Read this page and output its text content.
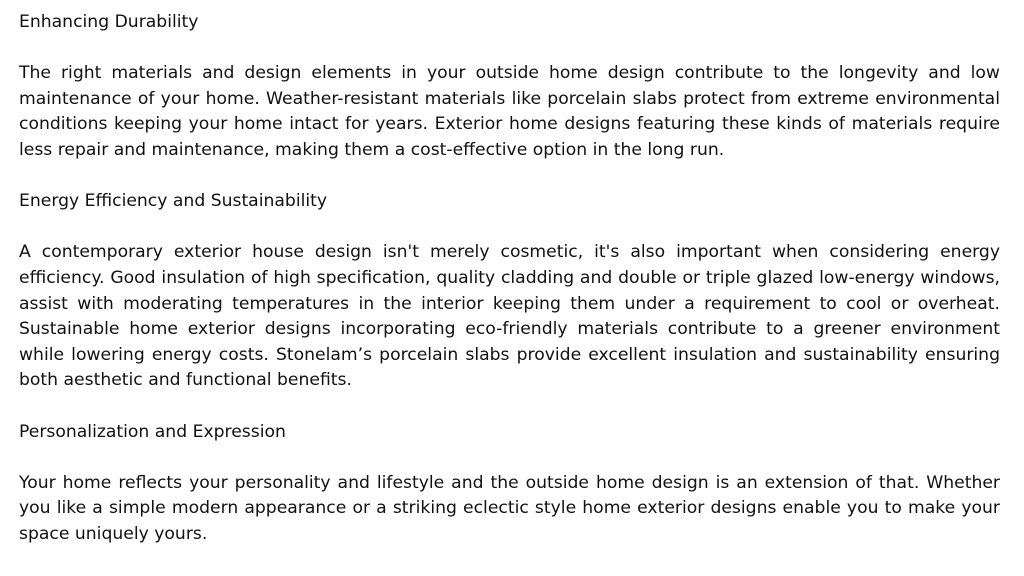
Enhancing Durability

The right materials and design elements in your outside home design contribute to the longevity and low maintenance of your home. Weather-resistant materials like porcelain slabs protect from extreme environmental conditions keeping your home intact for years. Exterior home designs featuring these kinds of materials require less repair and maintenance, making them a cost-effective option in the long run.

Energy Efficiency and Sustainability

A contemporary exterior house design isn't merely cosmetic, it's also important when considering energy efficiency. Good insulation of high specification, quality cladding and double or triple glazed low-energy windows, assist with moderating temperatures in the interior keeping them under a requirement to cool or overheat. Sustainable home exterior designs incorporating eco-friendly materials contribute to a greener environment while lowering energy costs. Stonelam’s porcelain slabs provide excellent insulation and sustainability ensuring both aesthetic and functional benefits.

Personalization and Expression

Your home reflects your personality and lifestyle and the outside home design is an extension of that. Whether you like a simple modern appearance or a striking eclectic style home exterior designs enable you to make your space uniquely yours.
